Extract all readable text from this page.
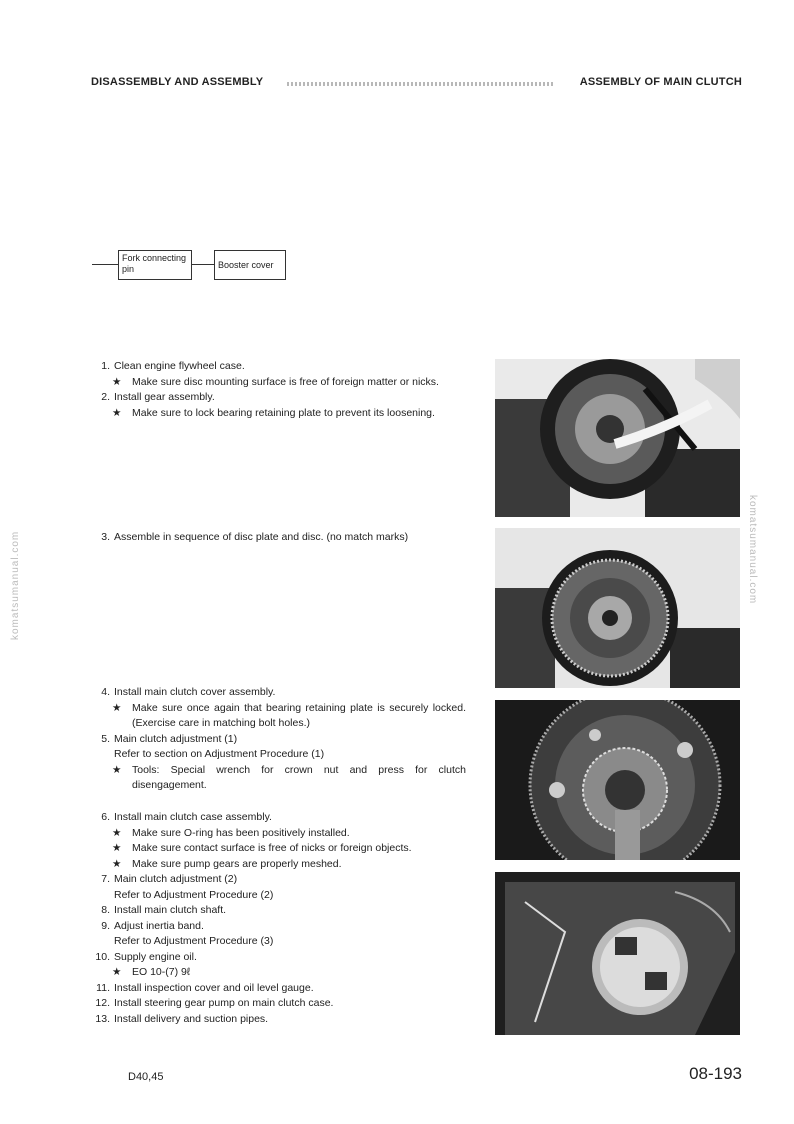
DISASSEMBLY AND ASSEMBLY	ASSEMBLY OF MAIN CLUTCH
Fork connecting pin	Booster cover
1. Clean engine flywheel case.
★	Make sure disc mounting surface is free of foreign matter or nicks.
2. Install gear assembly.
★	Make sure to lock bearing retaining plate to prevent its loosening.
3. Assemble in sequence of disc plate and disc. (no match marks)
4. Install main clutch cover assembly.
★	Make sure once again that bearing retaining plate is securely locked. (Exercise care in matching bolt holes.)
5. Main clutch adjustment (1)
Refer to section on Adjustment Procedure (1)
★	Tools: Special wrench for crown nut and press for clutch disengagement.
6. Install main clutch case assembly.
★	Make sure O-ring has been positively installed.
★	Make sure contact surface is free of nicks or foreign objects.
★	Make sure pump gears are properly meshed.
7. Main clutch adjustment (2)
Refer to Adjustment Procedure (2)
8. Install main clutch shaft.
9. Adjust inertia band.
Refer to Adjustment Procedure (3)
10. Supply engine oil.
★	EO 10-(7) 9ℓ
11. Install inspection cover and oil level gauge.
12. Install steering gear pump on main clutch case.
13. Install delivery and suction pipes.
komatsumanual.com	komatsumanual.com
D40,45	08-193
